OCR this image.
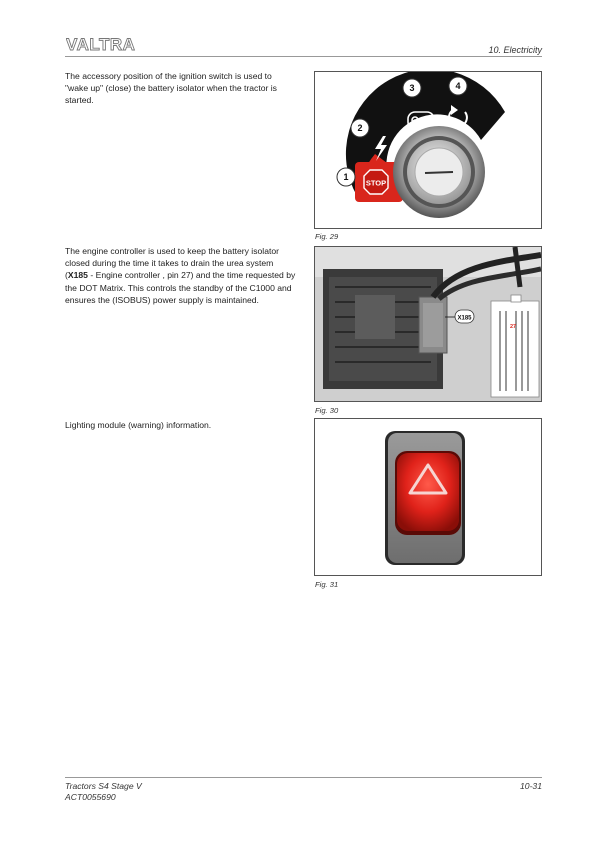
VALTRA	10. Electricity
The accessory position of the ignition switch is used to "wake up" (close) the battery isolator when the tractor is started.
STOP
1
2
3	4
Fig. 29
The engine controller is used to keep the battery isolator closed during the time it takes to drain the urea system (X185 - Engine controller , pin 27) and the time requested by the DOT Matrix. This controls the standby of the C1000 and ensures the (ISOBUS) power supply is maintained.
X185
27
Fig. 30
Lighting module (warning) information.
Fig. 31
Tractors S4 Stage V
ACT0055690
10-31
